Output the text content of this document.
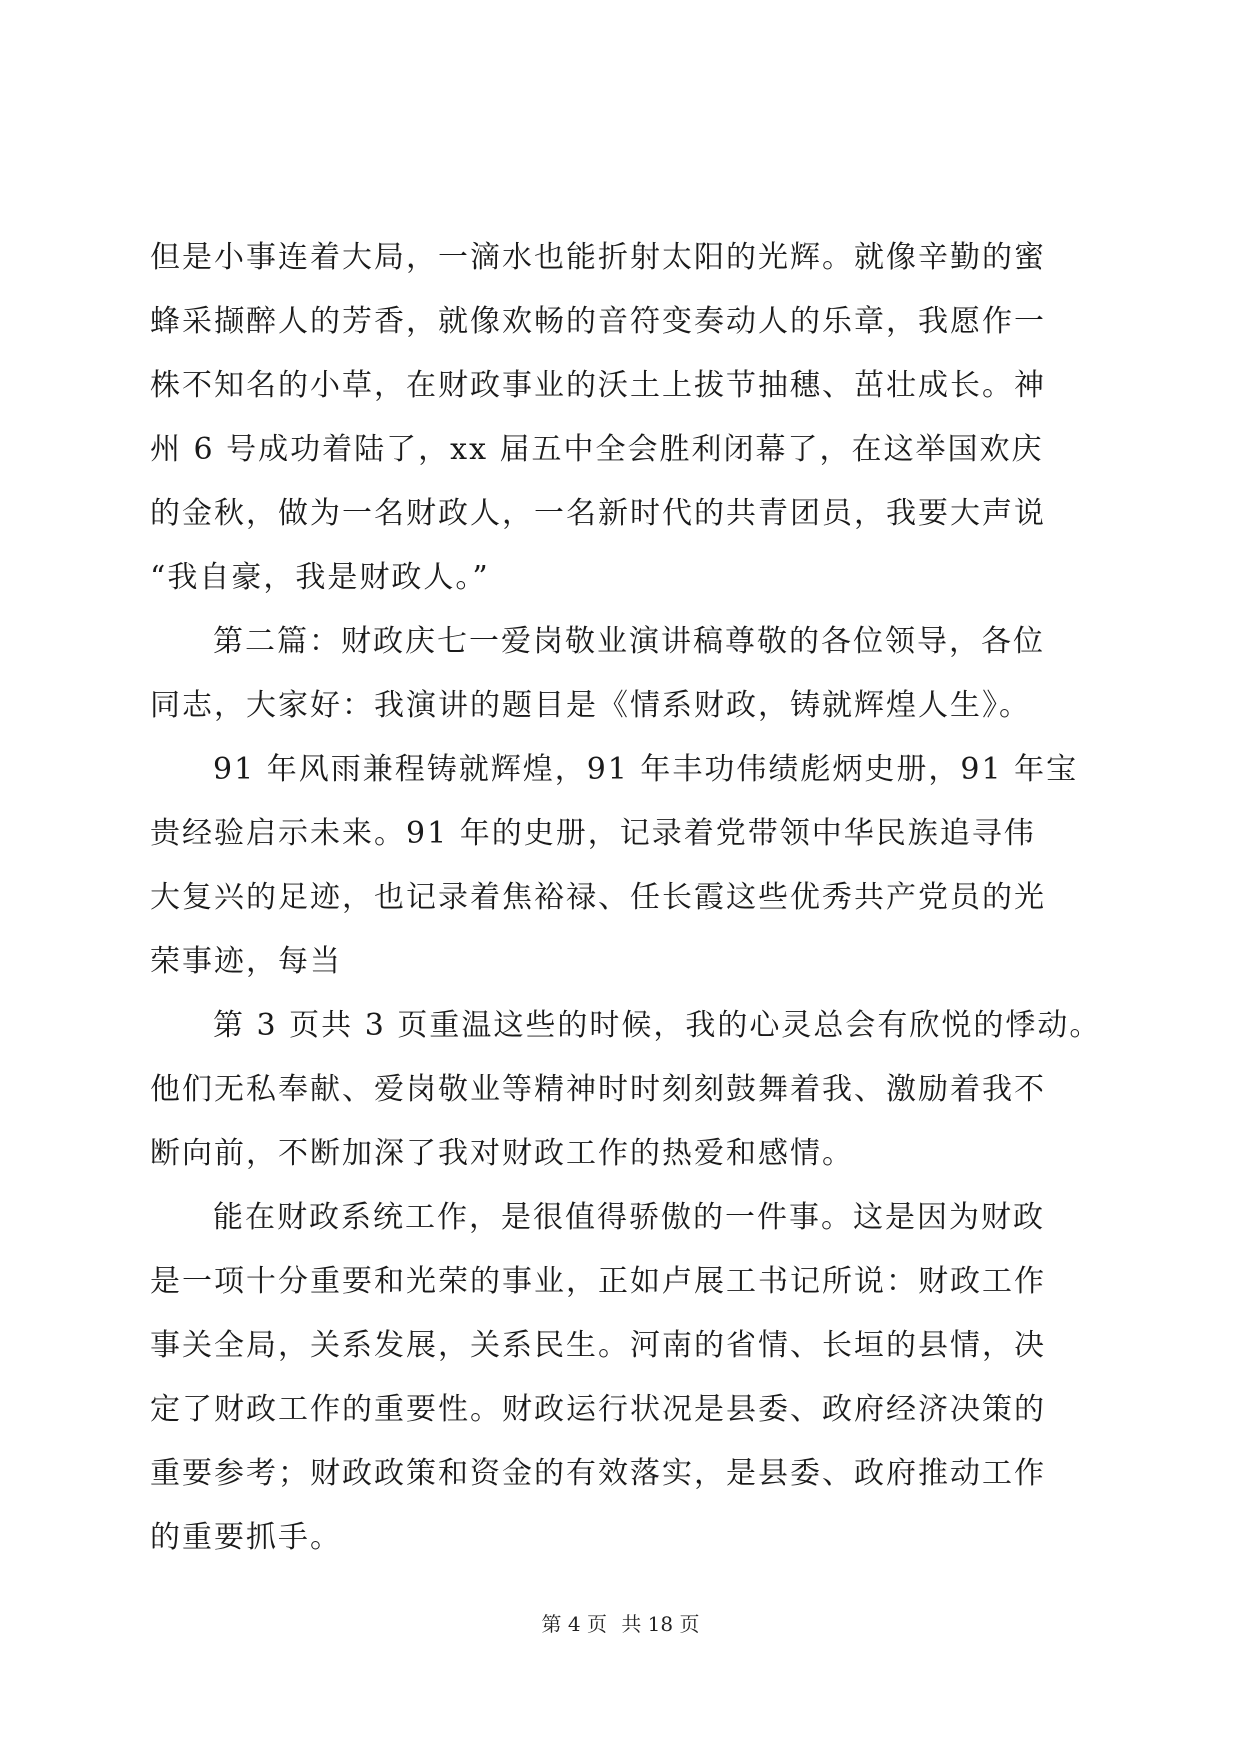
但是小事连着大局，一滴水也能折射太阳的光辉。就像辛勤的蜜
蜂采撷醉人的芳香，就像欢畅的音符变奏动人的乐章，我愿作一
株不知名的小草，在财政事业的沃土上拔节抽穗、茁壮成长。神
州 6 号成功着陆了，xx 届五中全会胜利闭幕了，在这举国欢庆
的金秋，做为一名财政人，一名新时代的共青团员，我要大声说
“我自豪，我是财政人。”
第二篇：财政庆七一爱岗敬业演讲稿尊敬的各位领导，各位
同志，大家好：我演讲的题目是《情系财政，铸就辉煌人生》。
91 年风雨兼程铸就辉煌，91 年丰功伟绩彪炳史册，91 年宝
贵经验启示未来。91 年的史册，记录着党带领中华民族追寻伟
大复兴的足迹，也记录着焦裕禄、任长霞这些优秀共产党员的光
荣事迹，每当
第 3 页共 3 页重温这些的时候，我的心灵总会有欣悦的悸动。
他们无私奉献、爱岗敬业等精神时时刻刻鼓舞着我、激励着我不
断向前，不断加深了我对财政工作的热爱和感情。
能在财政系统工作，是很值得骄傲的一件事。这是因为财政
是一项十分重要和光荣的事业，正如卢展工书记所说：财政工作
事关全局，关系发展，关系民生。河南的省情、长垣的县情，决
定了财政工作的重要性。财政运行状况是县委、政府经济决策的
重要参考；财政政策和资金的有效落实，是县委、政府推动工作
的重要抓手。
第 4 页 共 18 页
